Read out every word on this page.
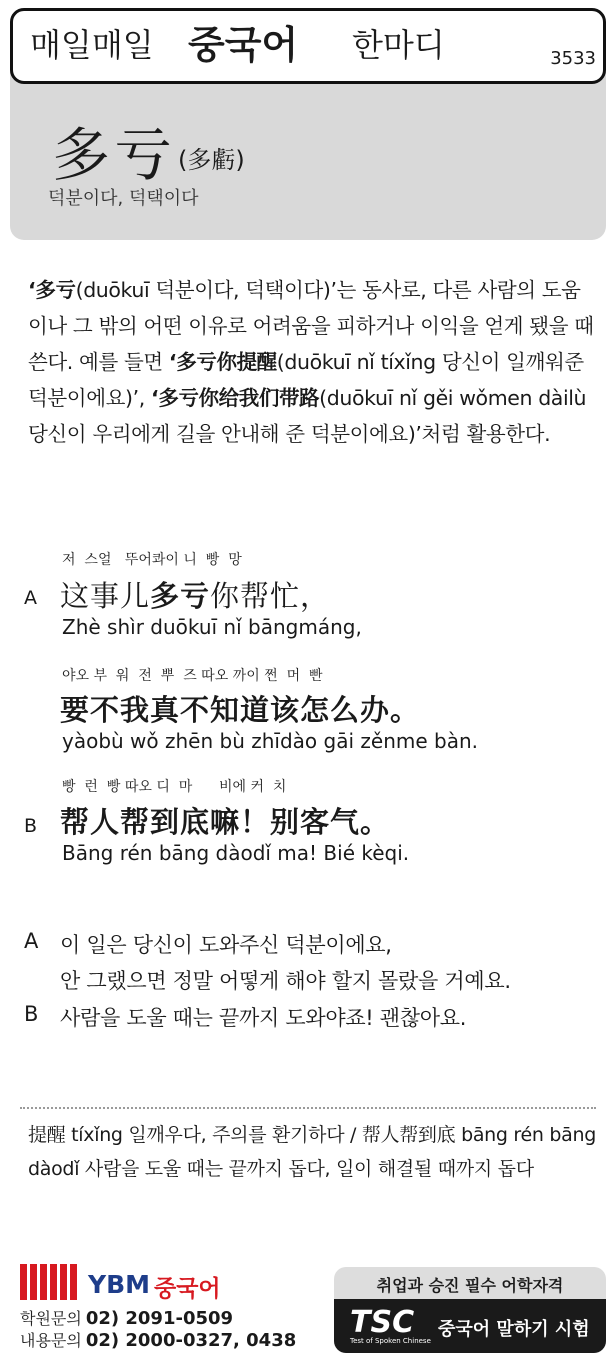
매일매일 중국어 한마디	3533
多亏 (多虧)
덕분이다, 덕택이다

‘多亏(duōkuī 덕분이다, 덕택이다)’는 동사로, 다른 사람의 도움이나 그 밖의 어떤 이유로 어려움을 피하거나 이익을 얻게 됐을 때 쓴다. 예를 들면 ‘多亏你提醒(duōkuī nǐ tíxǐng 당신이 일깨워준 덕분이에요)’, ‘多亏你给我们带路(duōkuī nǐ gěi wǒmen dàilù 당신이 우리에게 길을 안내해 준 덕분이에요)’처럼 활용한다.

저  스얼   뚜어콰이 니  빵  망
A 这事儿多亏你帮忙，
Zhè shìr duōkuī nǐ bāngmáng,
야오 부  워  전  뿌  즈 따오 까이 쩐  머  빤
要不我真不知道该怎么办。
yàobù wǒ zhēn bù zhīdào gāi zěnme bàn.
빵  런  빵 따오 디  마      비에 커  치
B 帮人帮到底嘛！别客气。
Bāng rén bāng dàodǐ ma! Bié kèqi.
A 이 일은 당신이 도와주신 덕분이에요,
안 그랬으면 정말 어떻게 해야 할지 몰랐을 거예요.
B 사람을 도울 때는 끝까지 도와야죠! 괜찮아요.

提醒 tíxǐng 일깨우다, 주의를 환기하다 / 帮人帮到底 bāng rén bāng dàodǐ 사람을 도울 때는 끝까지 돕다, 일이 해결될 때까지 돕다

YBM 중국어
학원문의 02) 2091-0509
내용문의 02) 2000-0327, 0438
취업과 승진 필수 어학자격
TSC
Test of Spoken Chinese
중국어 말하기 시험
